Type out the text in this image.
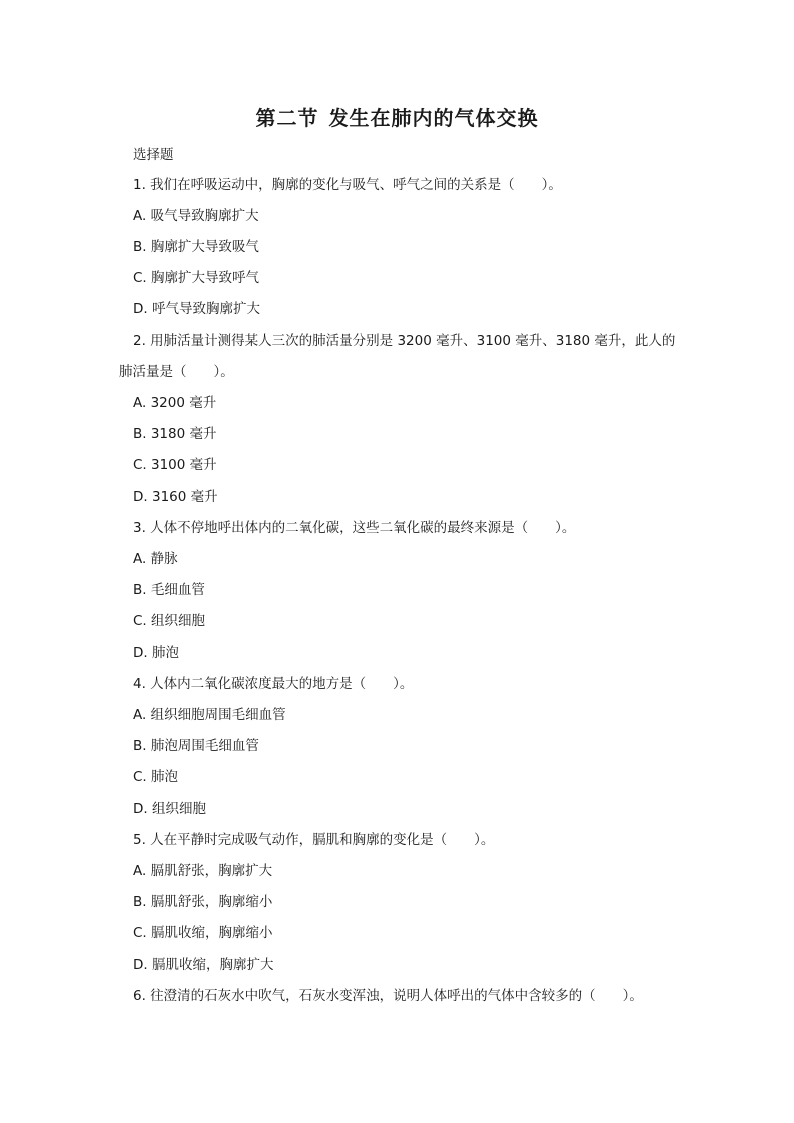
第二节 发生在肺内的气体交换
选择题
1. 我们在呼吸运动中，胸廓的变化与吸气、呼气之间的关系是（　　）。
A. 吸气导致胸廓扩大
B. 胸廓扩大导致吸气
C. 胸廓扩大导致呼气
D. 呼气导致胸廓扩大
2. 用肺活量计测得某人三次的肺活量分别是 3200 毫升、3100 毫升、3180 毫升，此人的
肺活量是（　　）。
A. 3200 毫升
B. 3180 毫升
C. 3100 毫升
D. 3160 毫升
3. 人体不停地呼出体内的二氧化碳，这些二氧化碳的最终来源是（　　）。
A. 静脉
B. 毛细血管
C. 组织细胞
D. 肺泡
4. 人体内二氧化碳浓度最大的地方是（　　）。
A. 组织细胞周围毛细血管
B. 肺泡周围毛细血管
C. 肺泡
D. 组织细胞
5. 人在平静时完成吸气动作，膈肌和胸廓的变化是（　　）。
A. 膈肌舒张，胸廓扩大
B. 膈肌舒张，胸廓缩小
C. 膈肌收缩，胸廓缩小
D. 膈肌收缩，胸廓扩大
6. 往澄清的石灰水中吹气，石灰水变浑浊，说明人体呼出的气体中含较多的（　　）。
